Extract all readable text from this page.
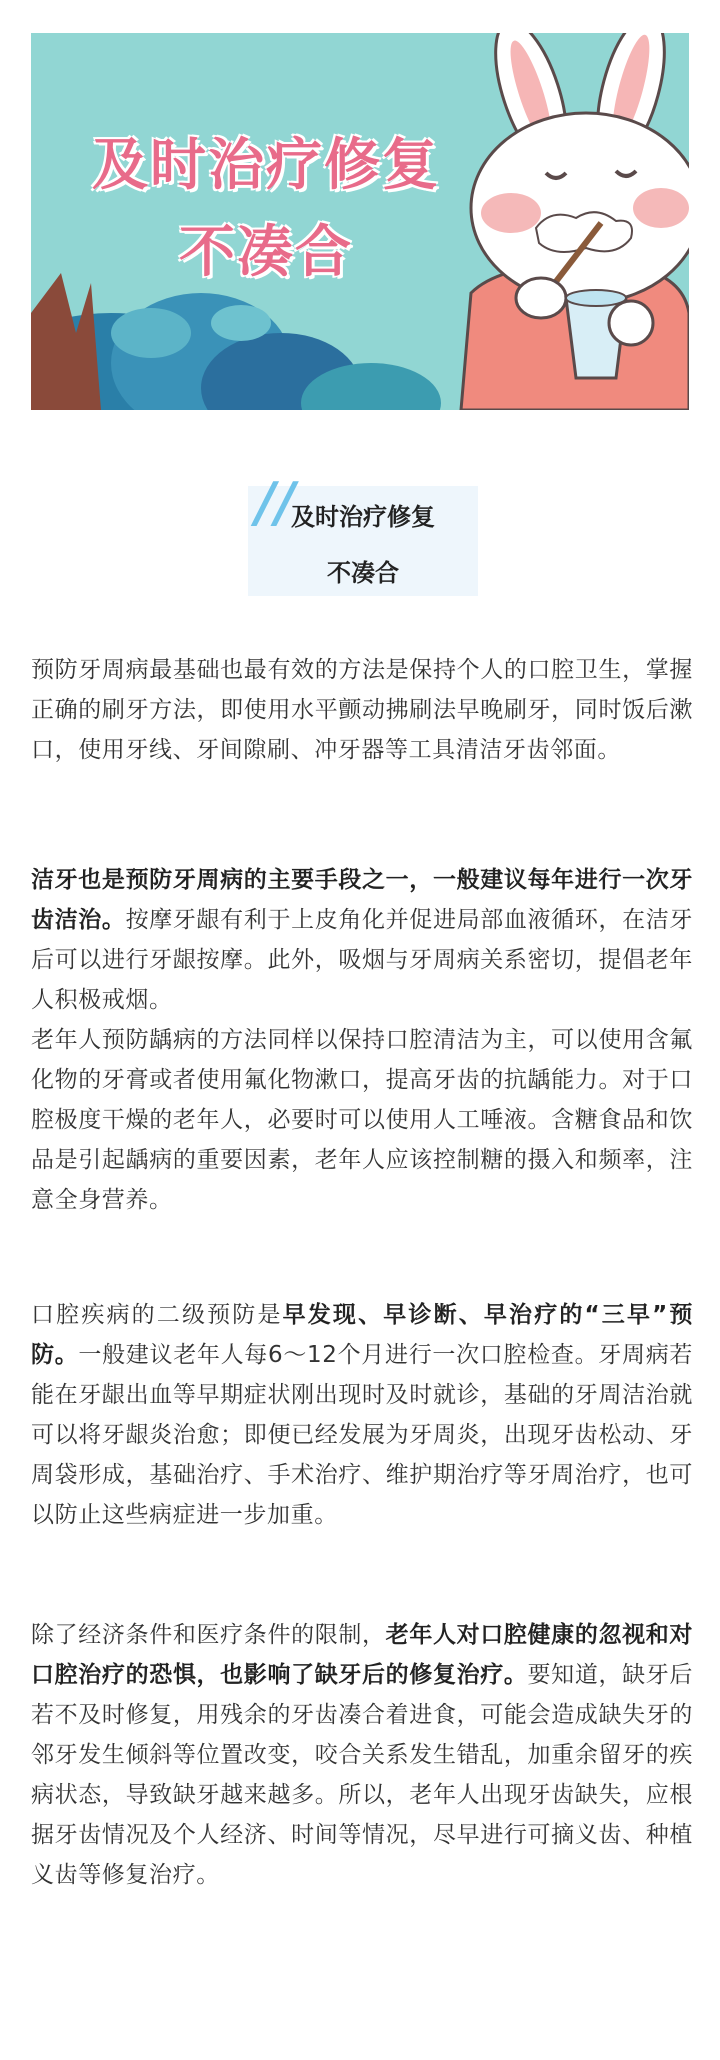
及时治疗修复
不凑合
//
及时治疗修复
不凑合
预防牙周病最基础也最有效的方法是保持个人的口腔卫生，掌握正确的刷牙方法，即使用水平颤动拂刷法早晚刷牙，同时饭后漱口，使用牙线、牙间隙刷、冲牙器等工具清洁牙齿邻面。
洁牙也是预防牙周病的主要手段之一，一般建议每年进行一次牙齿洁治。按摩牙龈有利于上皮角化并促进局部血液循环，在洁牙后可以进行牙龈按摩。此外，吸烟与牙周病关系密切，提倡老年人积极戒烟。
老年人预防龋病的方法同样以保持口腔清洁为主，可以使用含氟化物的牙膏或者使用氟化物漱口，提高牙齿的抗龋能力。对于口腔极度干燥的老年人，必要时可以使用人工唾液。含糖食品和饮品是引起龋病的重要因素，老年人应该控制糖的摄入和频率，注意全身营养。
口腔疾病的二级预防是早发现、早诊断、早治疗的“三早”预防。一般建议老年人每6～12个月进行一次口腔检查。牙周病若能在牙龈出血等早期症状刚出现时及时就诊，基础的牙周洁治就可以将牙龈炎治愈；即便已经发展为牙周炎，出现牙齿松动、牙周袋形成，基础治疗、手术治疗、维护期治疗等牙周治疗，也可以防止这些病症进一步加重。
除了经济条件和医疗条件的限制，老年人对口腔健康的忽视和对口腔治疗的恐惧，也影响了缺牙后的修复治疗。要知道，缺牙后若不及时修复，用残余的牙齿凑合着进食，可能会造成缺失牙的邻牙发生倾斜等位置改变，咬合关系发生错乱，加重余留牙的疾病状态，导致缺牙越来越多。所以，老年人出现牙齿缺失，应根据牙齿情况及个人经济、时间等情况，尽早进行可摘义齿、种植义齿等修复治疗。
